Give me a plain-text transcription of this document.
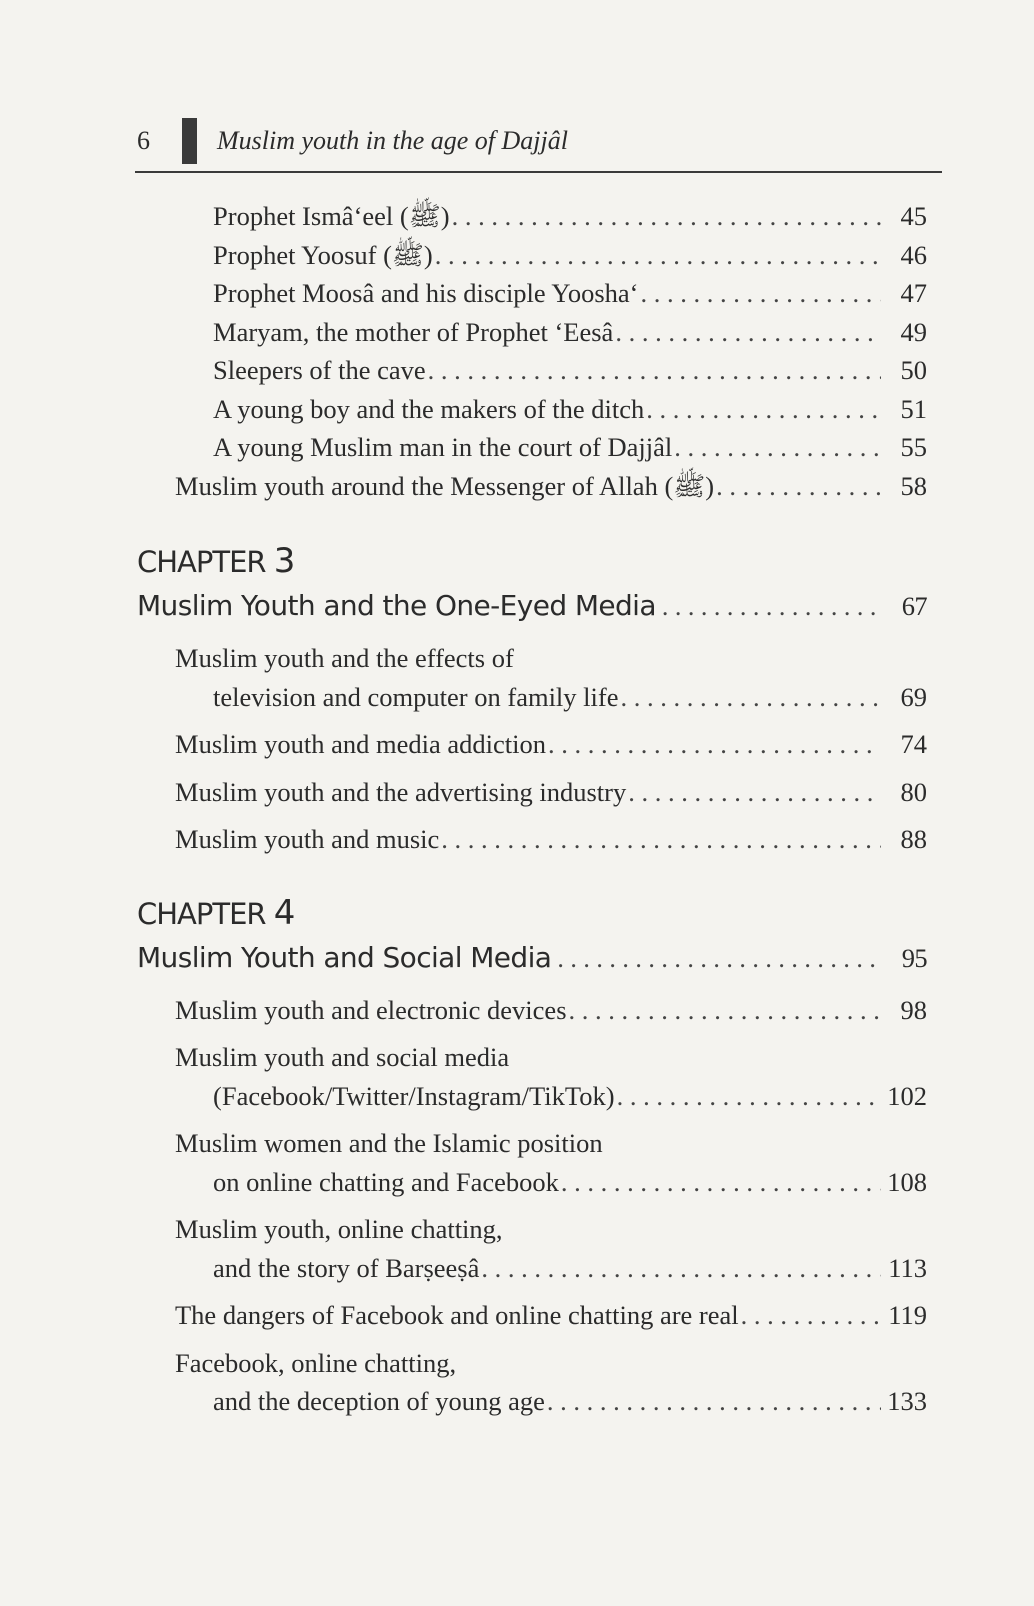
6	Muslim youth in the age of Dajjâl
Prophet Ismâ‘eel (ﷺ) . . .	45
Prophet Yoosuf (ﷺ) . . .	46
Prophet Moosâ and his disciple Yoosha‘ . . .	47
Maryam, the mother of Prophet ‘Eesâ . . .	49
Sleepers of the cave . . .	50
A young boy and the makers of the ditch . . .	51
A young Muslim man in the court of Dajjâl . . .	55
Muslim youth around the Messenger of Allah (ﷺ) . . .	58
CHAPTER 3
Muslim Youth and the One-Eyed Media . . .	67
Muslim youth and the effects of
television and computer on family life . . .	69
Muslim youth and media addiction . . .	74
Muslim youth and the advertising industry . . .	80
Muslim youth and music . . .	88
CHAPTER 4
Muslim Youth and Social Media . . .	95
Muslim youth and electronic devices . . .	98
Muslim youth and social media
(Facebook/Twitter/Instagram/TikTok) . . .	102
Muslim women and the Islamic position
on online chatting and Facebook . . .	108
Muslim youth, online chatting,
and the story of Barṣeeṣâ . . .	113
The dangers of Facebook and online chatting are real . . .	119
Facebook, online chatting,
and the deception of young age . . .	133
